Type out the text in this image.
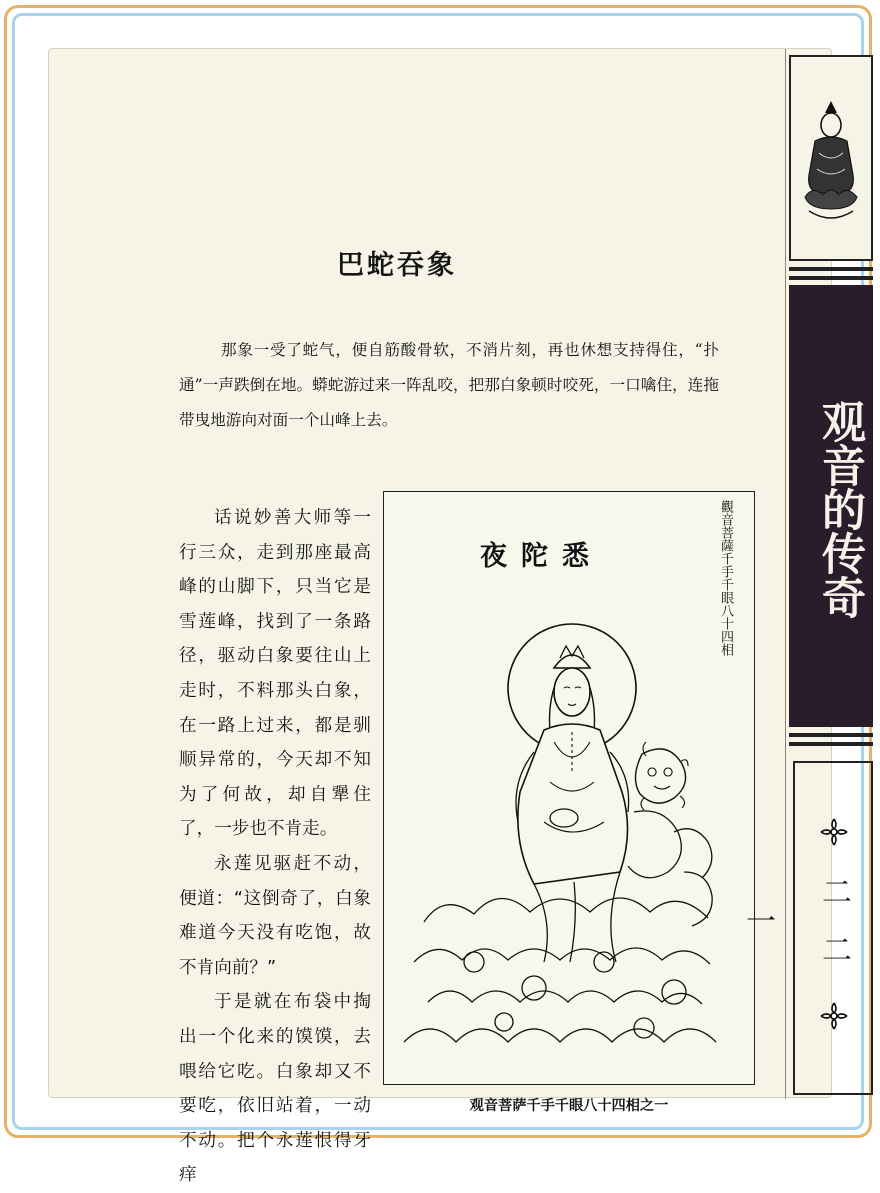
巴蛇吞象

那象一受了蛇气，便自筋酸骨软，不消片刻，再也休想支持得住，“扑通”一声跌倒在地。蟒蛇游过来一阵乱咬，把那白象顿时咬死，一口噙住，连拖带曳地游向对面一个山峰上去。

话说妙善大师等一行三众，走到那座最高峰的山脚下，只当它是雪莲峰，找到了一条路径，驱动白象要往山上走时，不料那头白象，在一路上过来，都是驯顺异常的，今天却不知为了何故，却自犟住了，一步也不肯走。

永莲见驱赶不动，便道：“这倒奇了，白象难道今天没有吃饱，故不肯向前？”

于是就在布袋中掏出一个化来的馍馍，去喂给它吃。白象却又不要吃，依旧站着，一动不动。把个永莲恨得牙痒

夜陀悉	觀音菩薩千手千眼八十四相
观音菩萨千手千眼八十四相之一
观音的传奇
二二一
